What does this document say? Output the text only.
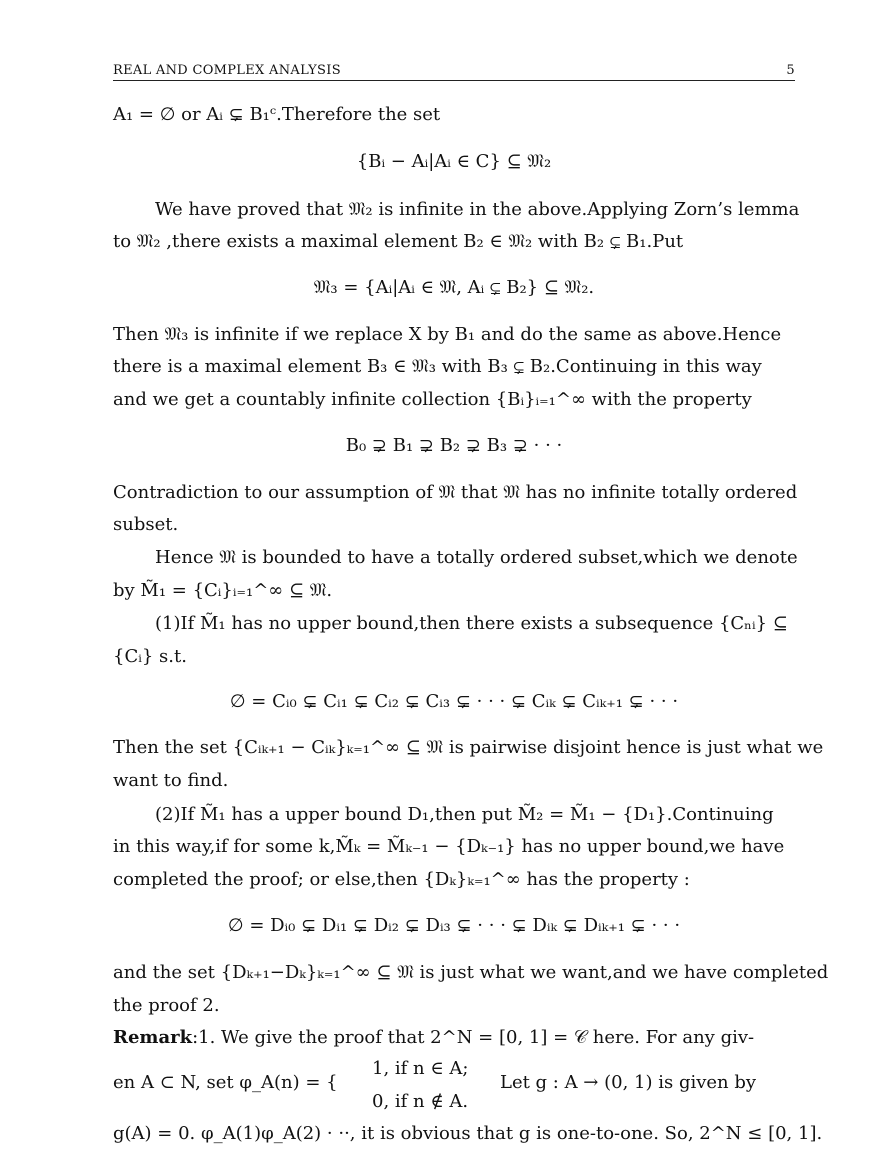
REAL AND COMPLEX ANALYSIS	5
A₁ = ∅ or Aᵢ ⊊ B₁ᶜ.Therefore the set
{Bᵢ − Aᵢ|Aᵢ ∈ C} ⊆ 𝔐₂
We have proved that 𝔐₂ is infinite in the above.Applying Zorn’s lemma
to 𝔐₂ ,there exists a maximal element B₂ ∈ 𝔐₂ with B₂ ⊊ B₁.Put
𝔐₃ = {Aᵢ|Aᵢ ∈ 𝔐, Aᵢ ⊊ B₂} ⊆ 𝔐₂.
Then 𝔐₃ is infinite if we replace X by B₁ and do the same as above.Hence
there is a maximal element B₃ ∈ 𝔐₃ with B₃ ⊊ B₂.Continuing in this way
and we get a countably infinite collection {Bᵢ}ᵢ₌₁^∞ with the property
B₀ ⊋ B₁ ⊋ B₂ ⊋ B₃ ⊋ · · ·
Contradiction to our assumption of 𝔐 that 𝔐 has no infinite totally ordered
subset.
Hence 𝔐 is bounded to have a totally ordered subset,which we denote
by M̃₁ = {Cᵢ}ᵢ₌₁^∞ ⊆ 𝔐.
(1)If M̃₁ has no upper bound,then there exists a subsequence {Cₙᵢ} ⊆
{Cᵢ} s.t.
∅ = Cᵢ₀ ⊊ Cᵢ₁ ⊊ Cᵢ₂ ⊊ Cᵢ₃ ⊊ · · · ⊊ Cᵢₖ ⊊ Cᵢₖ₊₁ ⊊ · · ·
Then the set {Cᵢₖ₊₁ − Cᵢₖ}ₖ₌₁^∞ ⊆ 𝔐 is pairwise disjoint hence is just what we
want to find.
(2)If M̃₁ has a upper bound D₁,then put M̃₂ = M̃₁ − {D₁}.Continuing
in this way,if for some k,M̃ₖ = M̃ₖ₋₁ − {Dₖ₋₁} has no upper bound,we have
completed the proof; or else,then {Dₖ}ₖ₌₁^∞ has the property :
∅ = Dᵢ₀ ⊊ Dᵢ₁ ⊊ Dᵢ₂ ⊊ Dᵢ₃ ⊊ · · · ⊊ Dᵢₖ ⊊ Dᵢₖ₊₁ ⊊ · · ·
and the set {Dₖ₊₁−Dₖ}ₖ₌₁^∞ ⊆ 𝔐 is just what we want,and we have completed
the proof 2.
Remark:1. We give the proof that 2^N = [0, 1] = 𝒞 here. For any giv-
en A ⊂ N, set φ_A(n) = {
1, if n ∈ A;
0, if n ∉ A.
Let g : A → (0, 1) is given by
g(A) = 0. φ_A(1)φ_A(2) · ··, it is obvious that g is one-to-one. So, 2^N ≤ [0, 1].
